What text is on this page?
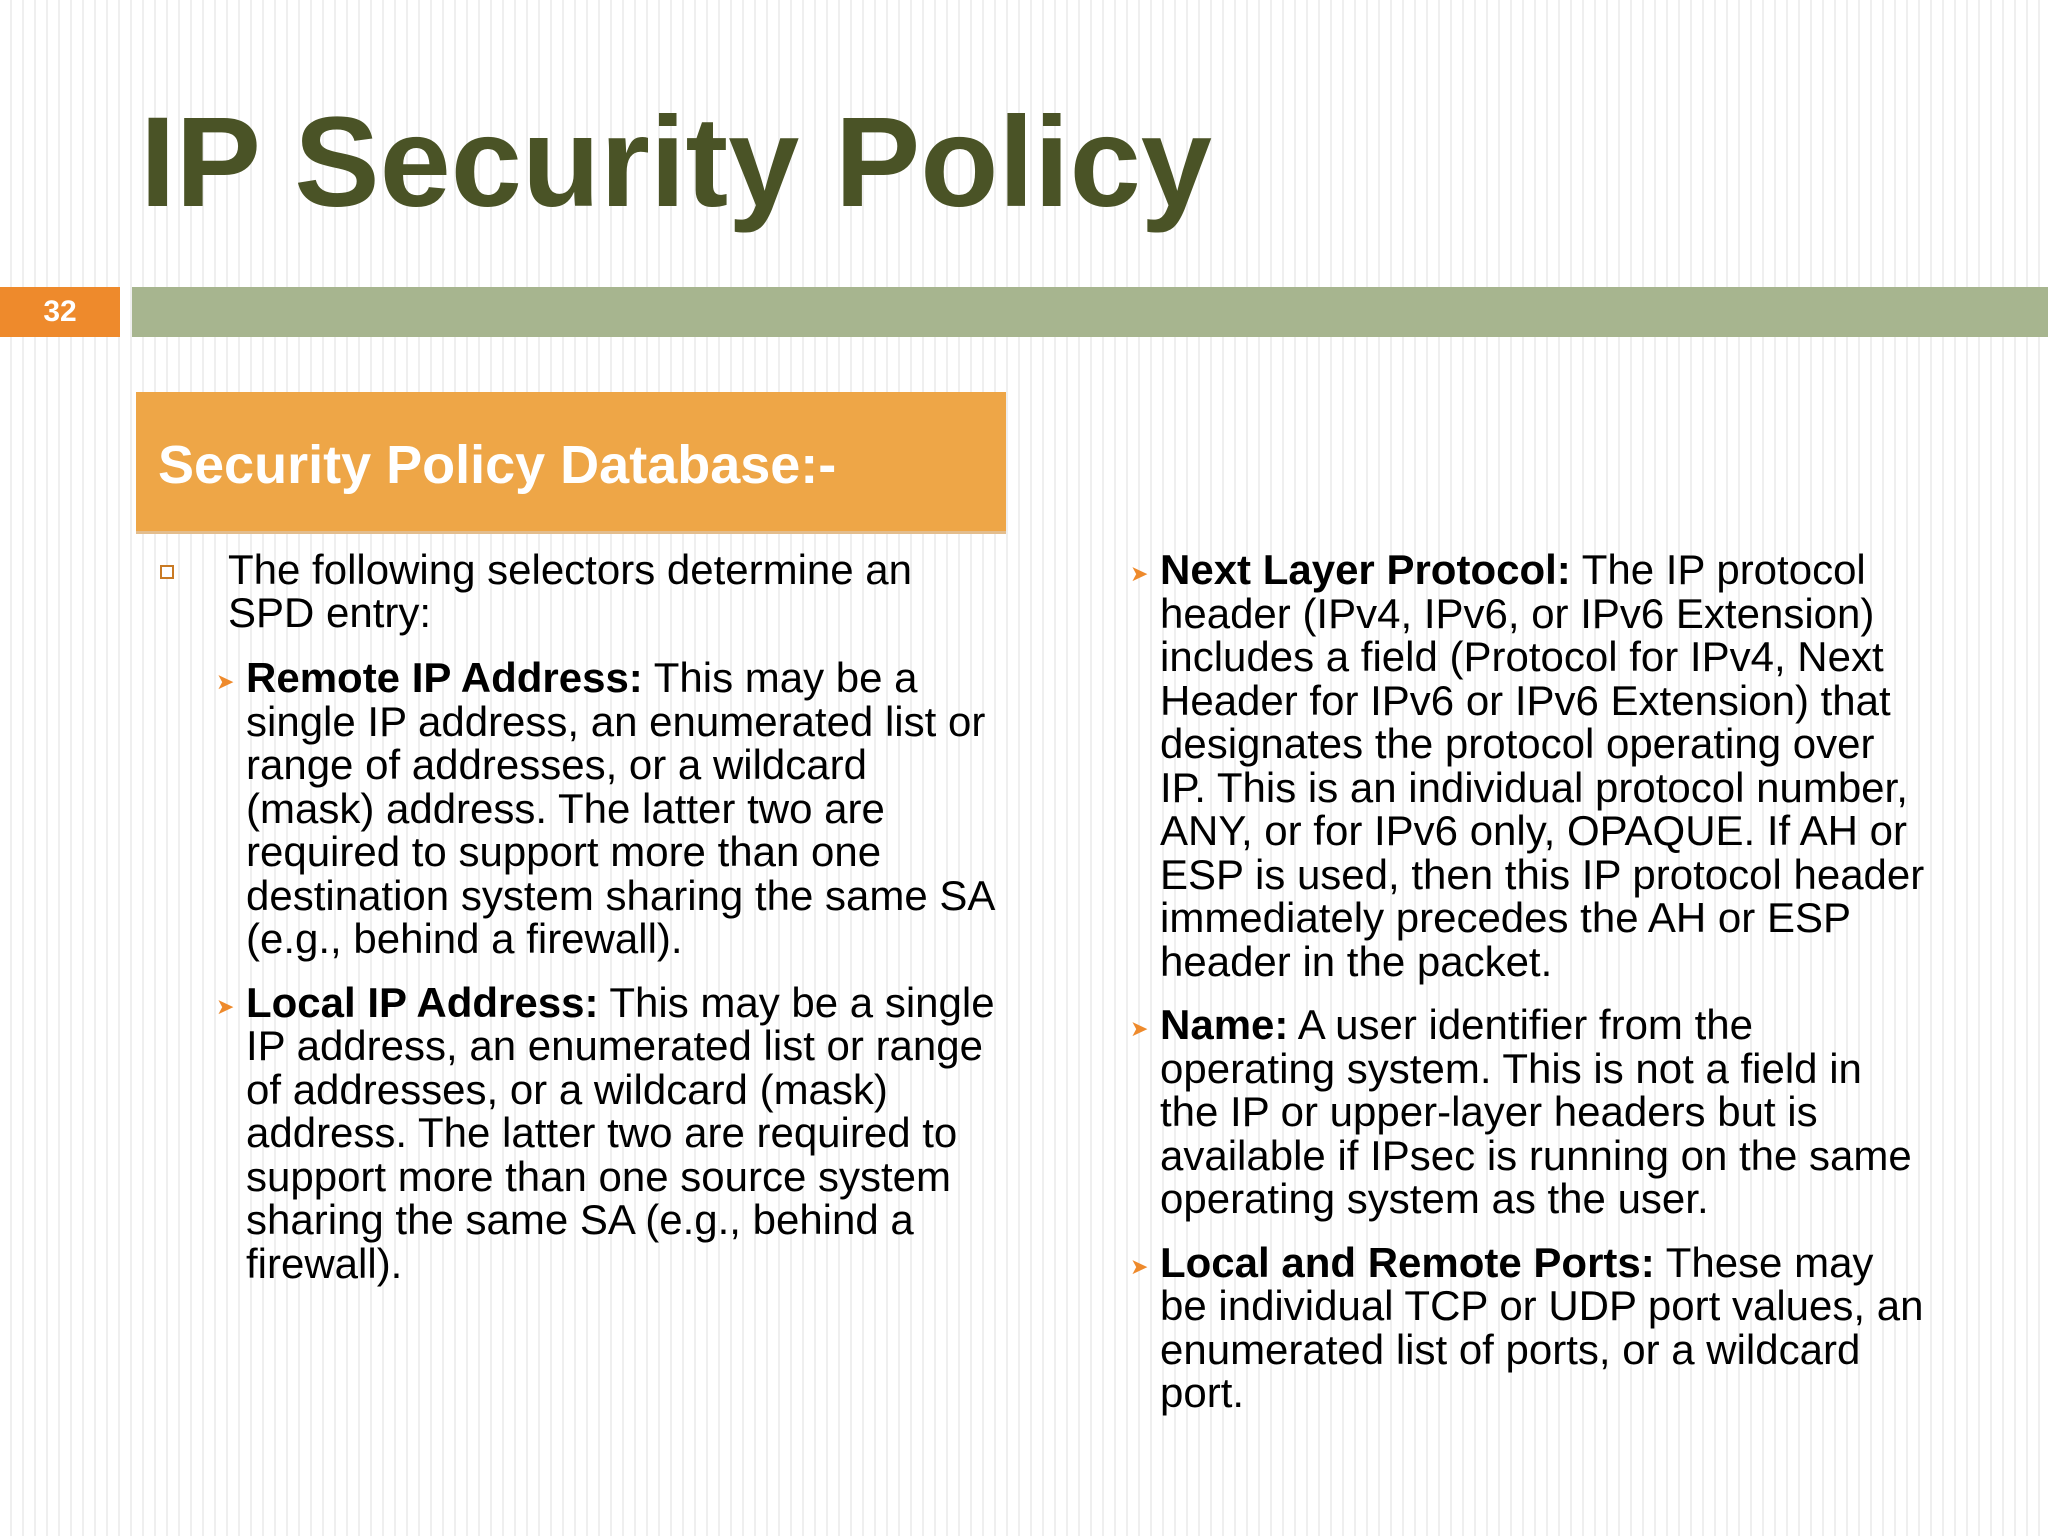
IP Security Policy
32
Security Policy Database:-
The following selectors determine an SPD entry:
➤ Remote IP Address: This may be a single IP address, an enumerated list or range of addresses, or a wildcard (mask) address. The latter two are required to support more than one destination system sharing the same SA (e.g., behind a firewall).
➤ Local IP Address: This may be a single IP address, an enumerated list or range of addresses, or a wildcard (mask) address. The latter two are required to support more than one source system sharing the same SA (e.g., behind a firewall).
➤ Next Layer Protocol: The IP protocol header (IPv4, IPv6, or IPv6 Extension) includes a field (Protocol for IPv4, Next Header for IPv6 or IPv6 Extension) that designates the protocol operating over IP. This is an individual protocol number, ANY, or for IPv6 only, OPAQUE. If AH or ESP is used, then this IP protocol header immediately precedes the AH or ESP header in the packet.
➤ Name: A user identifier from the operating system. This is not a field in the IP or upper-layer headers but is available if IPsec is running on the same operating system as the user.
➤ Local and Remote Ports: These may be individual TCP or UDP port values, an enumerated list of ports, or a wildcard port.
